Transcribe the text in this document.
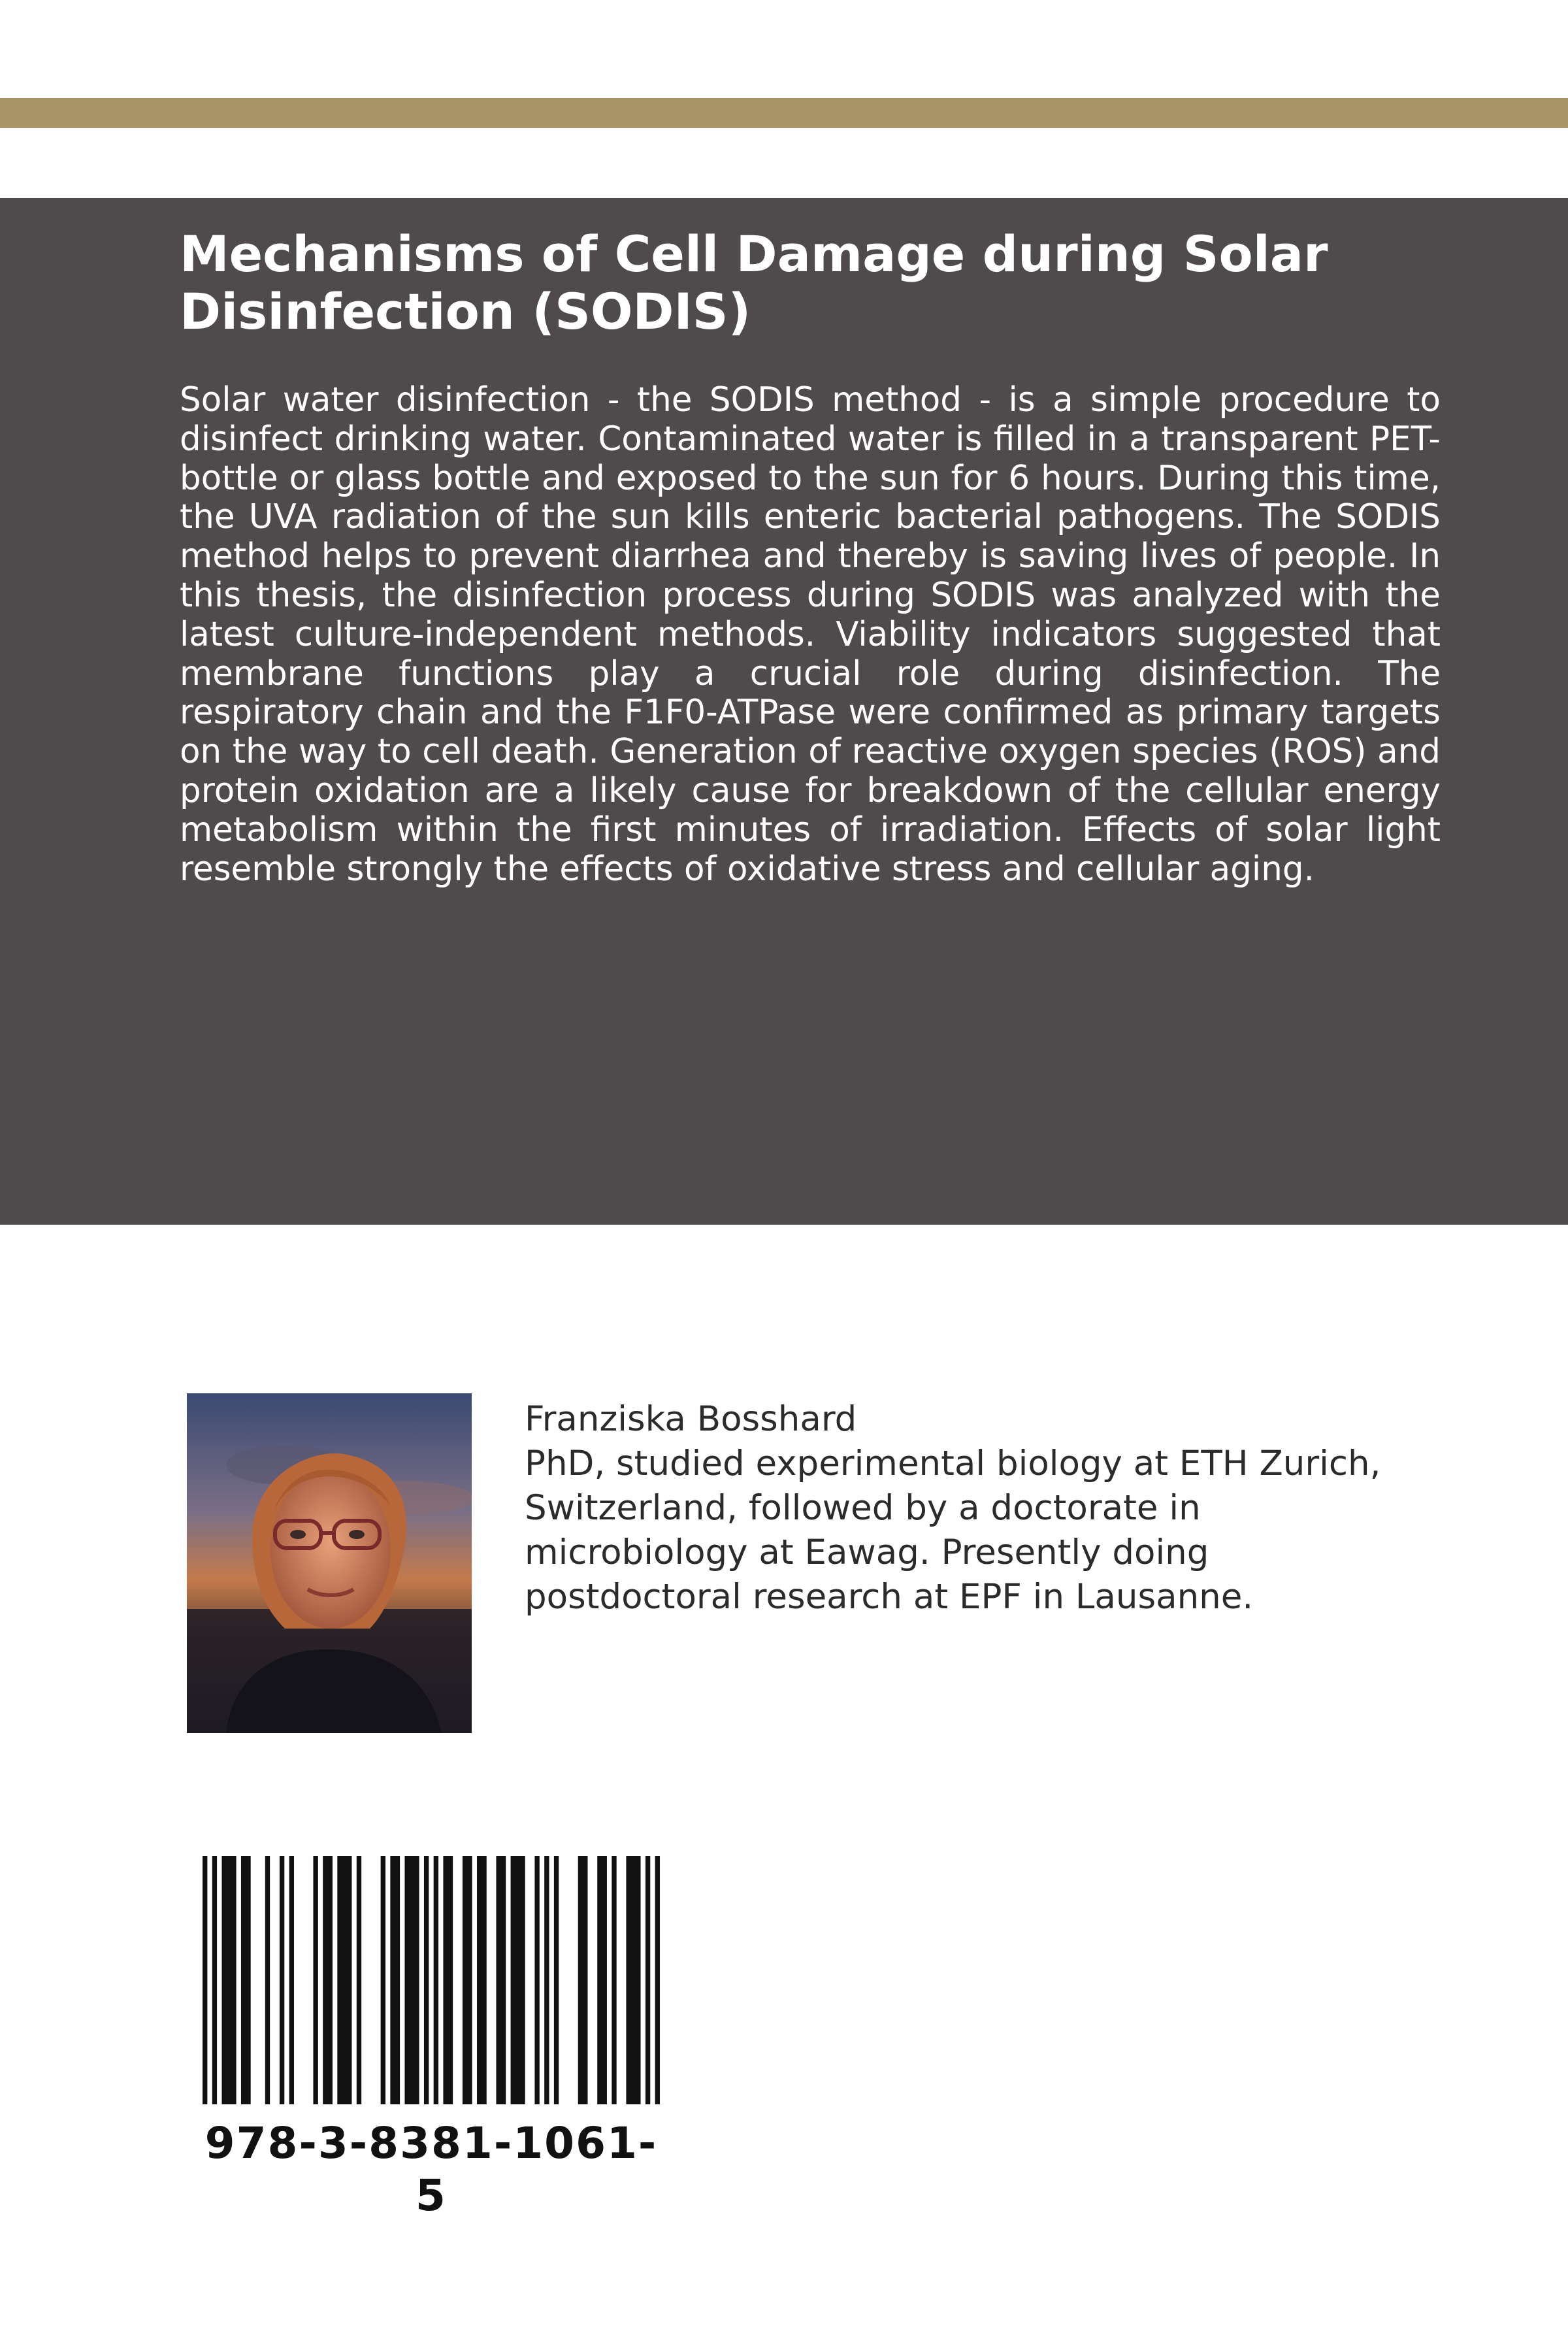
Mechanisms of Cell Damage during Solar Disinfection (SODIS)

Solar water disinfection - the SODIS method - is a simple procedure to disinfect drinking water. Contaminated water is filled in a transparent PET-bottle or glass bottle and exposed to the sun for 6 hours. During this time, the UVA radiation of the sun kills enteric bacterial pathogens. The SODIS method helps to prevent diarrhea and thereby is saving lives of people. In this thesis, the disinfection process during SODIS was analyzed with the latest culture-independent methods. Viability indicators suggested that membrane functions play a crucial role during disinfection. The respiratory chain and the F1F0-ATPase were confirmed as primary targets on the way to cell death. Generation of reactive oxygen species (ROS) and protein oxidation are a likely cause for breakdown of the cellular energy metabolism within the first minutes of irradiation. Effects of solar light resemble strongly the effects of oxidative stress and cellular aging.

Franziska Bosshard

PhD, studied experimental biology at ETH Zurich, Switzerland, followed by a doctorate in microbiology at Eawag. Presently doing postdoctoral research at EPF in Lausanne.

978-3-8381-1061-5
